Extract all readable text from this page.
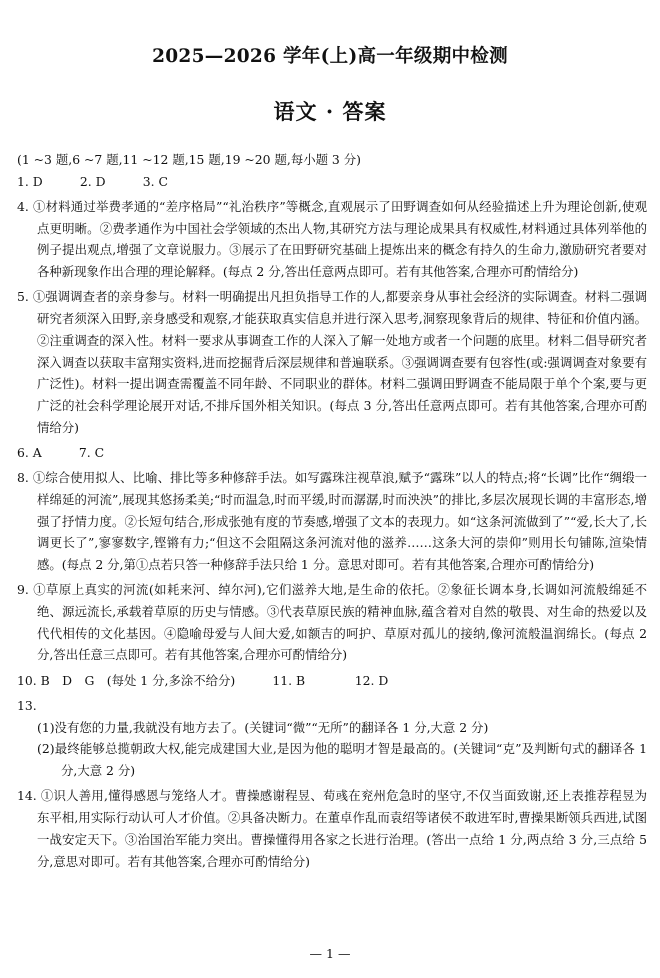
2025—2026 学年(上)高一年级期中检测
语文 · 答案

(1 ~3 题,6 ~7 题,11 ~12 题,15 题,19 ~20 题,每小题 3 分)

1. D　　　2. D　　　3. C

4. ①材料通过举费孝通的“差序格局”“礼治秩序”等概念,直观展示了田野调查如何从经验描述上升为理论创新,使观点更明晰。②费孝通作为中国社会学领域的杰出人物,其研究方法与理论成果具有权威性,材料通过具体列举他的例子提出观点,增强了文章说服力。③展示了在田野研究基础上提炼出来的概念有持久的生命力,激励研究者要对各种新现象作出合理的理论解释。(每点 2 分,答出任意两点即可。若有其他答案,合理亦可酌情给分)

5. ①强调调查者的亲身参与。材料一明确提出凡担负指导工作的人,都要亲身从事社会经济的实际调查。材料二强调研究者须深入田野,亲身感受和观察,才能获取真实信息并进行深入思考,洞察现象背后的规律、特征和价值内涵。②注重调查的深入性。材料一要求从事调查工作的人深入了解一处地方或者一个问题的底里。材料二倡导研究者深入调查以获取丰富翔实资料,进而挖掘背后深层规律和普遍联系。③强调调查要有包容性(或:强调调查对象要有广泛性)。材料一提出调查需覆盖不同年龄、不同职业的群体。材料二强调田野调查不能局限于单个个案,要与更广泛的社会科学理论展开对话,不排斥国外相关知识。(每点 3 分,答出任意两点即可。若有其他答案,合理亦可酌情给分)

6. A　　　7. C

8. ①综合使用拟人、比喻、排比等多种修辞手法。如写露珠注视草浪,赋予“露珠”以人的特点;将“长调”比作“绸缎一样绵延的河流”,展现其悠扬柔美;“时而温急,时而平缓,时而潺潺,时而泱泱”的排比,多层次展现长调的丰富形态,增强了抒情力度。②长短句结合,形成张弛有度的节奏感,增强了文本的表现力。如“这条河流做到了”“爱,长大了,长调更长了”,寥寥数字,铿锵有力;“但这不会阻隔这条河流对他的滋养……这条大河的崇仰”则用长句铺陈,渲染情感。(每点 2 分,第①点若只答一种修辞手法只给 1 分。意思对即可。若有其他答案,合理亦可酌情给分)

9. ①草原上真实的河流(如耗来河、绰尔河),它们滋养大地,是生命的依托。②象征长调本身,长调如河流般绵延不绝、源远流长,承载着草原的历史与情感。③代表草原民族的精神血脉,蕴含着对自然的敬畏、对生命的热爱以及代代相传的文化基因。④隐喻母爱与人间大爱,如额吉的呵护、草原对孤儿的接纳,像河流般温润绵长。(每点 2 分,答出任意三点即可。若有其他答案,合理亦可酌情给分)

10. B　D　G　(每处 1 分,多涂不给分)　　　11. B　　　　12. D

13.

(1)没有您的力量,我就没有地方去了。(关键词“微”“无所”的翻译各 1 分,大意 2 分)

(2)最终能够总揽朝政大权,能完成建国大业,是因为他的聪明才智是最高的。(关键词“克”及判断句式的翻译各 1 分,大意 2 分)

14. ①识人善用,懂得感恩与笼络人才。曹操感谢程昱、荀彧在兖州危急时的坚守,不仅当面致谢,还上表推荐程昱为东平相,用实际行动认可人才价值。②具备决断力。在董卓作乱而袁绍等诸侯不敢进军时,曹操果断领兵西进,试图一战安定天下。③治国治军能力突出。曹操懂得用各家之长进行治理。(答出一点给 1 分,两点给 3 分,三点给 5 分,意思对即可。若有其他答案,合理亦可酌情给分)

— 1 —
